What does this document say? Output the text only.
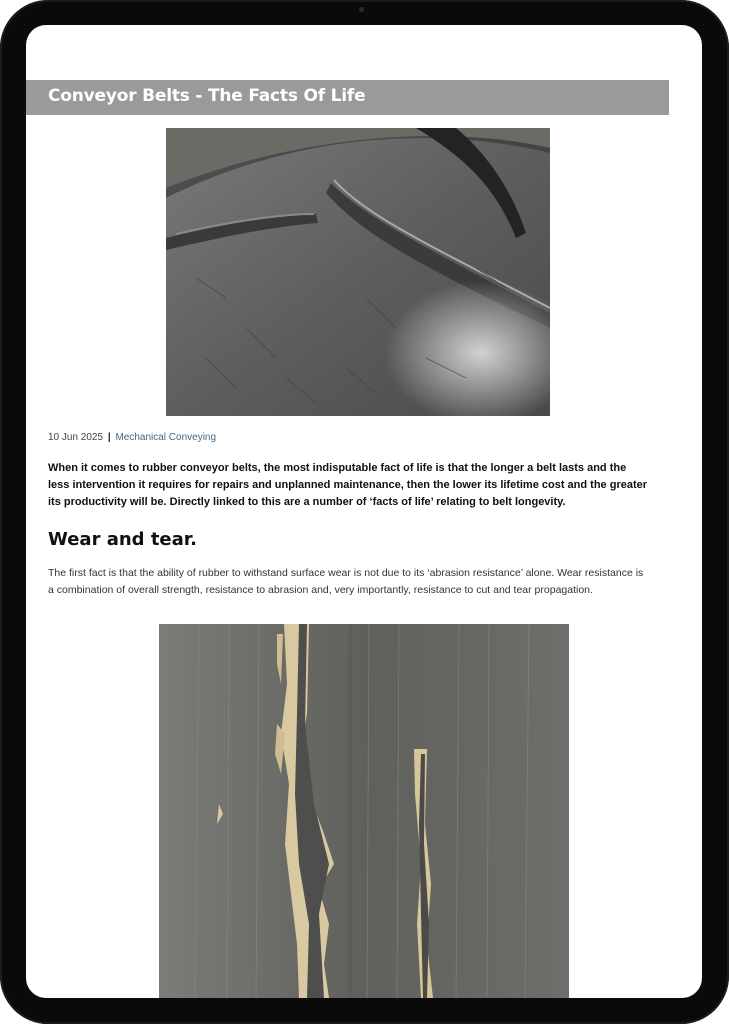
Conveyor Belts - The Facts Of Life
10 Jun 2025 | Mechanical Conveying

When it comes to rubber conveyor belts, the most indisputable fact of life is that the longer a belt lasts and the less intervention it requires for repairs and unplanned maintenance, then the lower its lifetime cost and the greater its productivity will be. Directly linked to this are a number of ‘facts of life’ relating to belt longevity.

Wear and tear.

The first fact is that the ability of rubber to withstand surface wear is not due to its ‘abrasion resistance’ alone. Wear resistance is a combination of overall strength, resistance to abrasion and, very importantly, resistance to cut and tear propagation.
